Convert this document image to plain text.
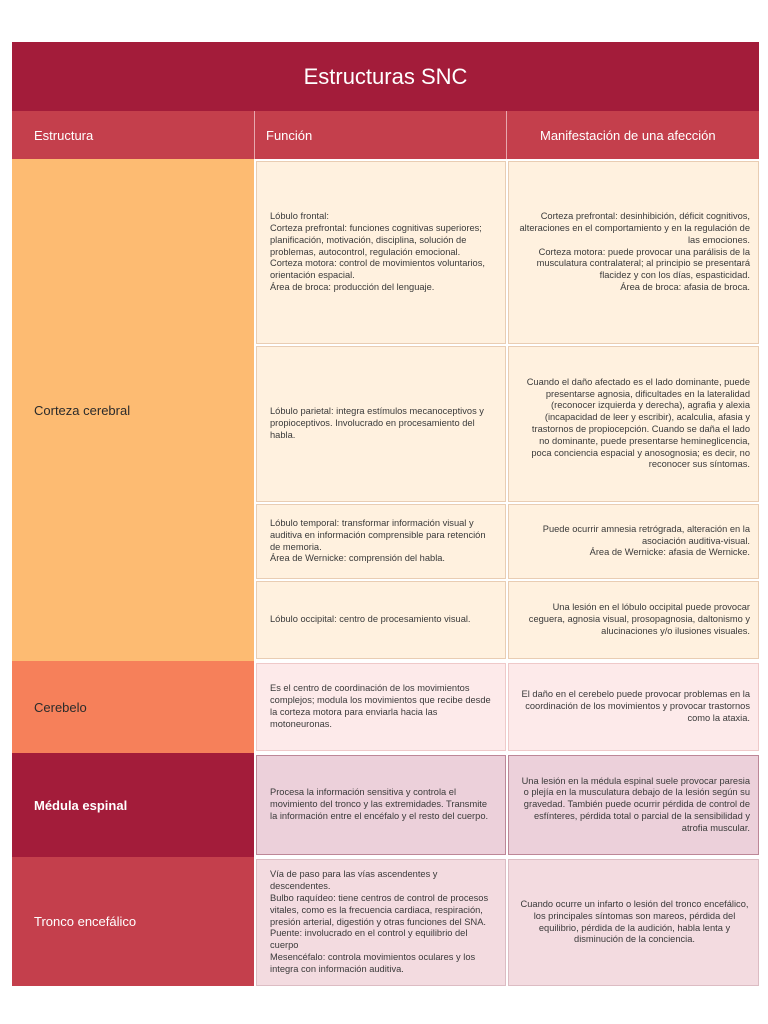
Estructuras SNC
Estructura	Función	Manifestación de una afección
Corteza cerebral
Cerebelo
Médula espinal
Tronco encefálico
Lóbulo frontal:
Corteza prefrontal: funciones cognitivas superiores; planificación, motivación, disciplina, solución de problemas, autocontrol, regulación emocional.
Corteza motora: control de movimientos voluntarios, orientación espacial.
Área de broca: producción del lenguaje.
Corteza prefrontal: desinhibición, déficit cognitivos, alteraciones en el comportamiento y en la regulación de las emociones.
Corteza motora: puede provocar una parálisis de la musculatura contralateral; al principio se presentará flacidez y con los días, espasticidad.
Área de broca: afasia de broca.
Lóbulo parietal: integra estímulos mecanoceptivos y propioceptivos. Involucrado en procesamiento del habla.
Cuando el daño afectado es el lado dominante, puede presentarse agnosia, dificultades en la lateralidad (reconocer izquierda y derecha), agrafia y alexia (incapacidad de leer y escribir), acalculia, afasia y trastornos de propiocepción. Cuando se daña el lado no dominante, puede presentarse hemineglicencia, poca conciencia espacial y anosognosia; es decir, no reconocer sus síntomas.
Lóbulo temporal: transformar información visual y auditiva en información comprensible para retención de memoria.
Área de Wernicke: comprensión del habla.
Puede ocurrir amnesia retrógrada, alteración en la asociación auditiva-visual.
Área de Wernicke: afasia de Wernicke.
Lóbulo occipital: centro de procesamiento visual.
Una lesión en el lóbulo occipital puede provocar ceguera, agnosia visual, prosopagnosia, daltonismo y alucinaciones y/o ilusiones visuales.
Es el centro de coordinación de los movimientos complejos; modula los movimientos que recibe desde la corteza motora para enviarla hacia las motoneuronas.
El daño en el cerebelo puede provocar problemas en la coordinación de los movimientos y provocar trastornos como la ataxia.
Procesa la información sensitiva y controla el movimiento del tronco y las extremidades. Transmite la información entre el encéfalo y el resto del cuerpo.
Una lesión en la médula espinal suele provocar paresia o plejía en la musculatura debajo de la lesión según su gravedad. También puede ocurrir pérdida de control de esfínteres, pérdida total o parcial de la sensibilidad y atrofia muscular.
Vía de paso para las vías ascendentes y descendentes.
Bulbo raquídeo: tiene centros de control de procesos vitales, como es la frecuencia cardiaca, respiración, presión arterial, digestión y otras funciones del SNA.
Puente: involucrado en el control y equilibrio del cuerpo
Mesencéfalo: controla movimientos oculares y los integra con información auditiva.
Cuando ocurre un infarto o lesión del tronco encefálico, los principales síntomas son mareos, pérdida del equilibrio, pérdida de la audición, habla lenta y disminución de la conciencia.
